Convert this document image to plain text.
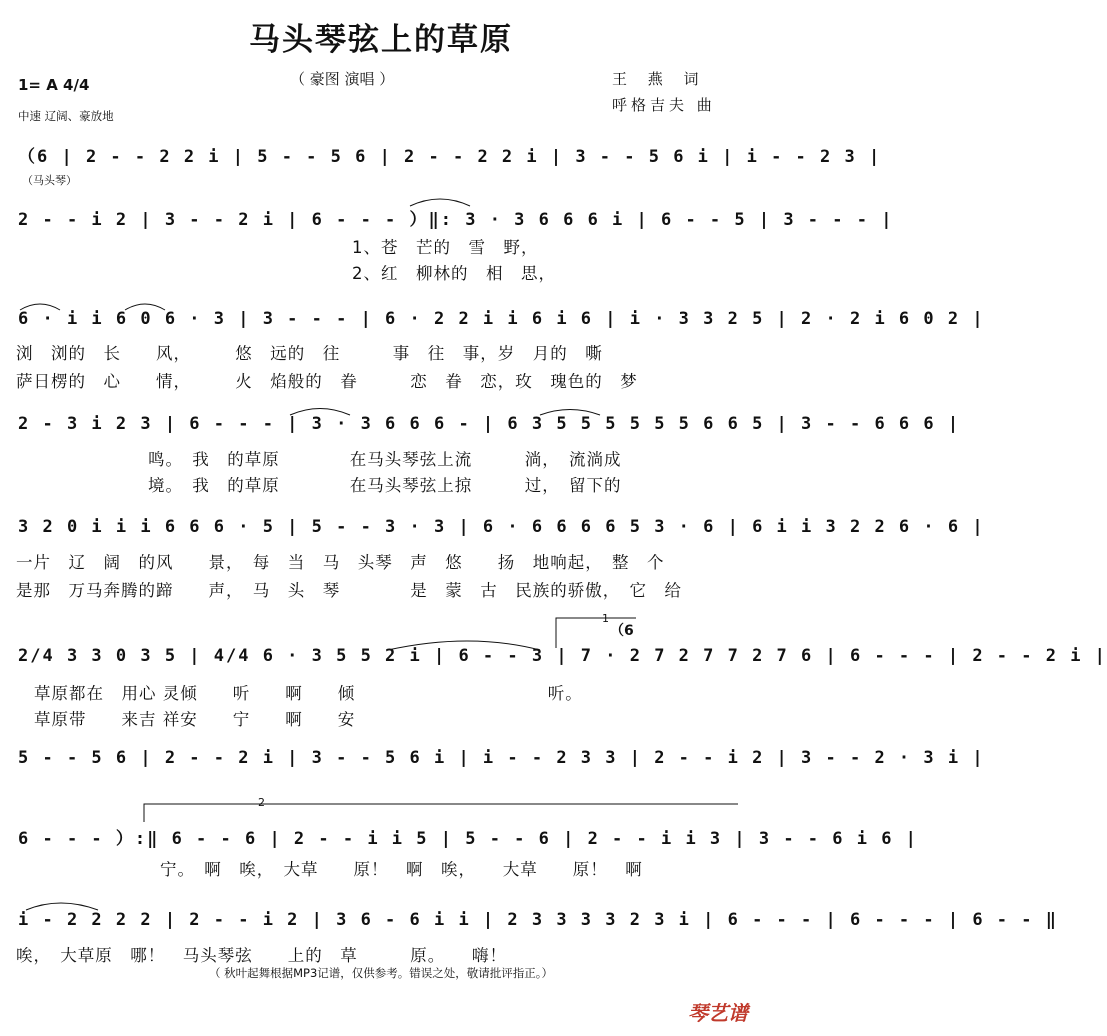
马头琴弦上的草原
（ 豪图 演唱 ）	王 燕 词
呼格吉夫 曲
1= A 4/4
中速 辽阔、豪放地
（6 | 2 - - 2 2 i | 5 - - 5 6 | 2 - - 2 2 i | 3 - - 5 6 i | i - - 2 3 |
（马头琴）
2 - - i 2 | 3 - - 2 i | 6 - - - ）‖: 3 · 3 6 6 6 i | 6 - - 5 | 3 - - - |
1、苍　芒的　雪　野，
2、红　柳林的　相　思，
6 · i i 6 0 6 · 3 | 3 - - - | 6 · 2 2 i i 6 i 6 | i · 3 3 2 5 | 2 · 2 i 6 0 2 |
浏　浏的　长　　风，　　　悠　远的　往　　　事　往　事，岁　月的　嘶
萨日楞的　心　　情，　　　火　焰般的　眷　　　恋　眷　恋，玫　瑰色的　梦
2 - 3 i 2 3 | 6 - - - | 3 · 3 6 6 6 - | 6 3 5 5 5 5 5 5 6 6 5 | 3 - - 6 6 6 |
鸣。　我　的草原　　　　在马头琴弦上流　　　淌，　流淌成
境。　我　的草原　　　　在马头琴弦上掠　　　过，　留下的
3 2 0 i i i 6 6 6 · 5 | 5 - - 3 · 3 | 6 · 6 6 6 6 5 3 · 6 | 6 i i 3 2 2 6 · 6 |
一片　辽　阔　的风　　景，　每　当　马　头琴　声　悠　　扬　地响起，　整　个
是那　万马奔腾的蹄　　声，　马　头　琴　　　　是　蒙　古　民族的骄傲，　它　给
1
（6
2/4 3 3 0 3 5 | 4/4 6 · 3 5 5 2 i | 6 - - 3 | 7 · 2 7 2 7 7 2 7 6 | 6 - - - | 2 - - 2 i |
草原都在　用心 灵倾　　听　　啊　　倾　　　　　　　　　　　听。
草原带　　来吉 祥安　　宁　　啊　　安
5 - - 5 6 | 2 - - 2 i | 3 - - 5 6 i | i - - 2 3 3 | 2 - - i 2 | 3 - - 2 · 3 i |
2
6 - - - ）:‖ 6 - - 6 | 2 - - i i 5 | 5 - - 6 | 2 - - i i 3 | 3 - - 6 i 6 |
宁。　啊　唉，　大草　　原！　啊　唉，　　大草　　原！　啊
i - 2 2 2 2 | 2 - - i 2 | 3 6 - 6 i i | 2 3 3 3 3 2 3 i | 6 - - - | 6 - - - | 6 - - ‖
唉，　大草原　哪！　马头琴弦　　上的　草　　　原。　　嗨！
（ 秋叶起舞根据MP3记谱，仅供参考。错误之处，敬请批评指正。）
琴艺谱
